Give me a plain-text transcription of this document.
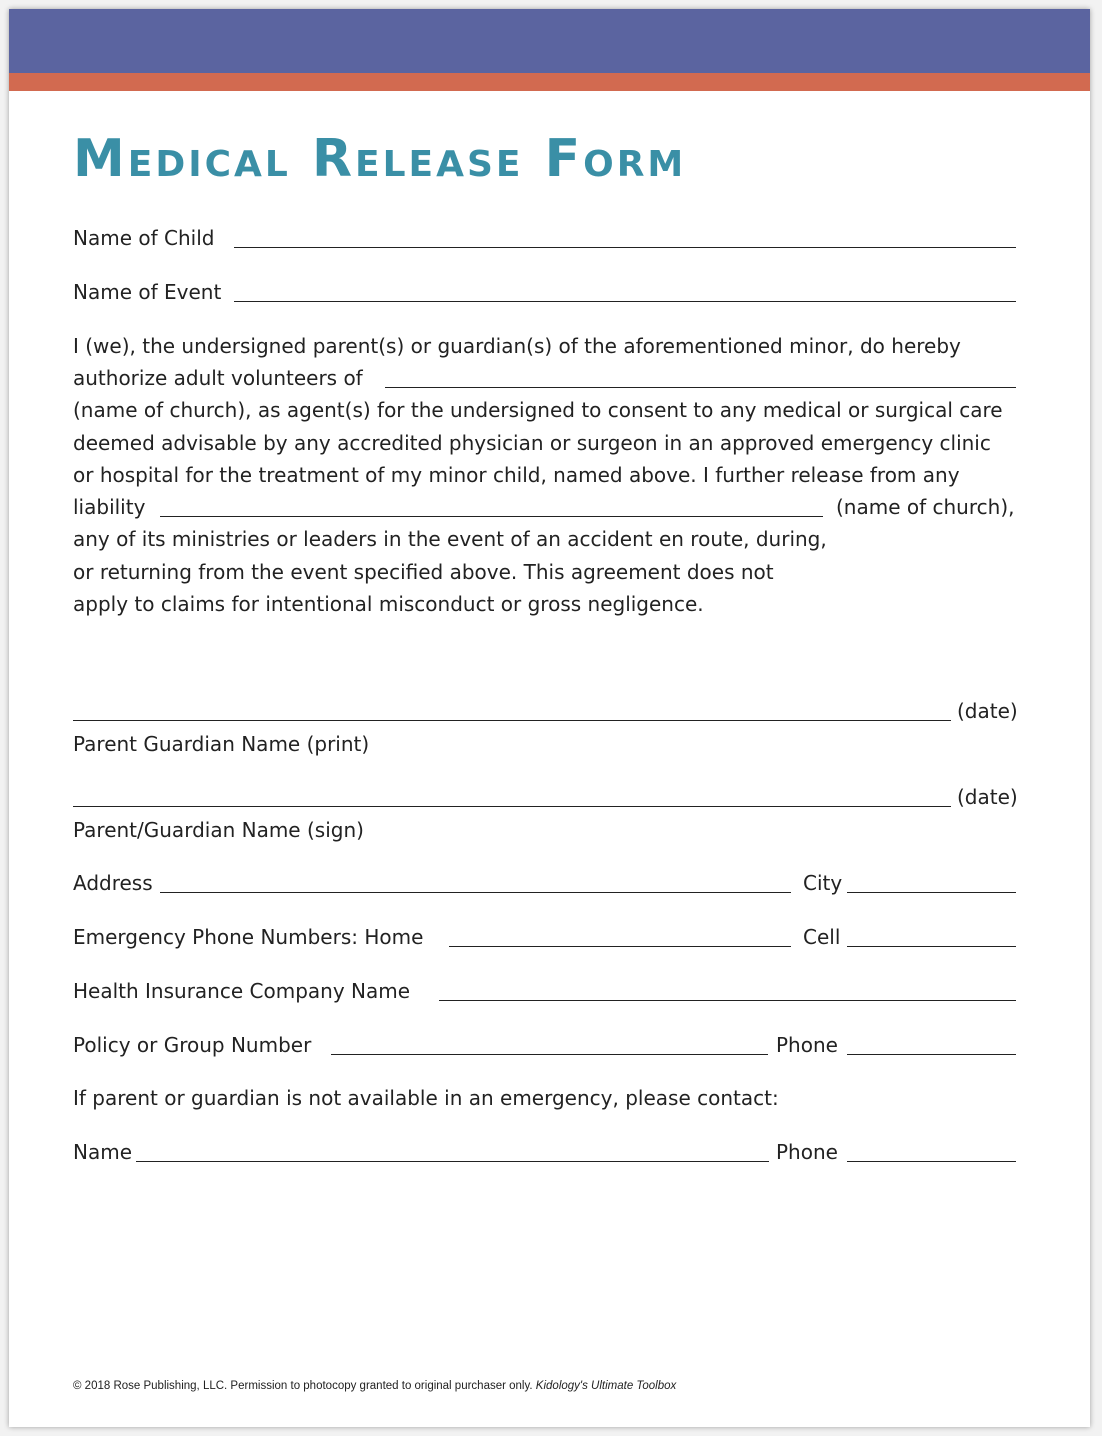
Medical Release Form
Name of Child
Name of Event
I (we), the undersigned parent(s) or guardian(s) of the aforementioned minor, do hereby
authorize adult volunteers of
(name of church), as agent(s) for the undersigned to consent to any medical or surgical care
deemed advisable by any accredited physician or surgeon in an approved emergency clinic
or hospital for the treatment of my minor child, named above. I further release from any
liability	(name of church),
any of its ministries or leaders in the event of an accident en route, during,
or returning from the event specified above. This agreement does not
apply to claims for intentional misconduct or gross negligence.
(date)
Parent Guardian Name (print)
(date)
Parent/Guardian Name (sign)
Address	City
Emergency Phone Numbers: Home	Cell
Health Insurance Company Name
Policy or Group Number	Phone
If parent or guardian is not available in an emergency, please contact:
Name	Phone
© 2018 Rose Publishing, LLC. Permission to photocopy granted to original purchaser only. Kidology's Ultimate Toolbox
